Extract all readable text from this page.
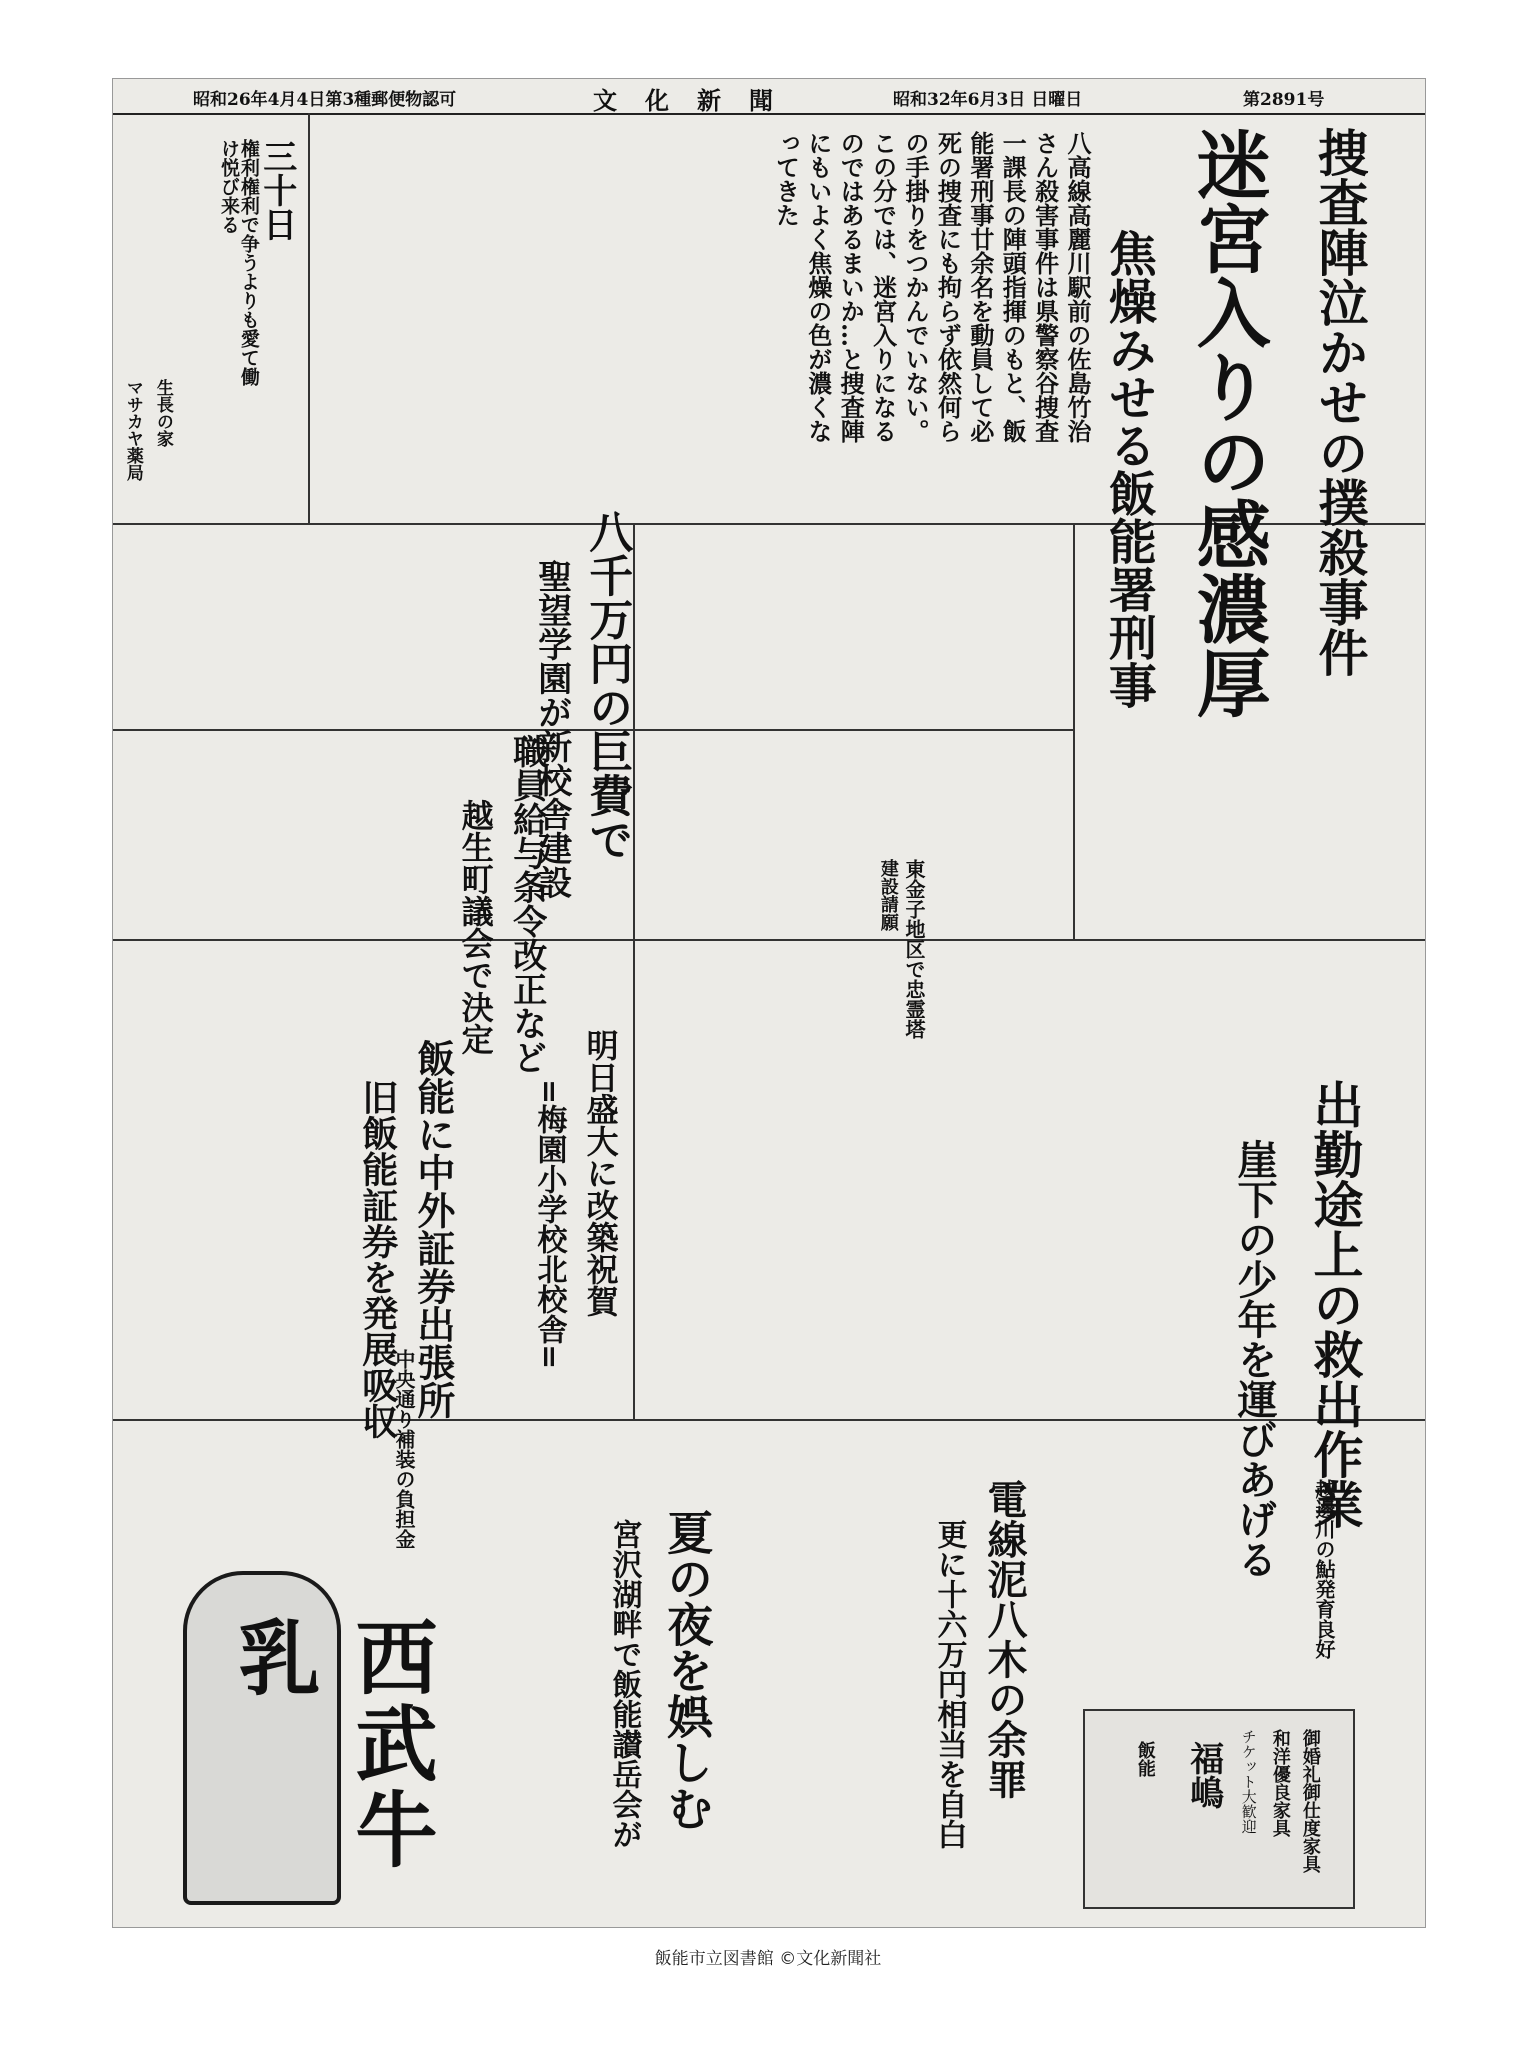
昭和26年4月4日第3種郵便物認可	文化新聞	昭和32年6月3日 日曜日	第2891号
捜査陣泣かせの撲殺事件
迷宮入りの感濃厚
焦燥みせる飯能署刑事
八高線高麗川駅前の佐島竹治さん殺害事件は県警察谷捜査一課長の陣頭指揮のもと、飯能署刑事廿余名を動員して必死の捜査にも拘らず依然何らの手掛りをつかんでいない。この分では、迷宮入りになるのではあるまいか…と捜査陣にもいよく焦燥の色が濃くなってきた
三十日
権利権利で争うよりも愛て働け悦び来る
生長の家
マサカヤ薬局
八千万円の巨費で
聖望学園が新校舎建設
職員給与条令改正など
越生町議会で決定	東金子地区で忠霊塔
建設請願
出勤途上の救出作業
崖下の少年を運びあげる
飯能に中外証券出張所
旧飯能証券を発展吸収	明日盛大に改築祝賀
=梅園小学校北校舎=
中央通り補装の負担金
夏の夜を娯しむ
宮沢湖畔で飯能讃岳会が	電線泥八木の余罪
更に十六万円相当を自白	越邊川の鮎発育良好
西武牛乳
御婚礼御仕度家具
和洋優良家具
チケット大歓迎
福嶋
飯能
飯能市立図書館 ©文化新聞社
